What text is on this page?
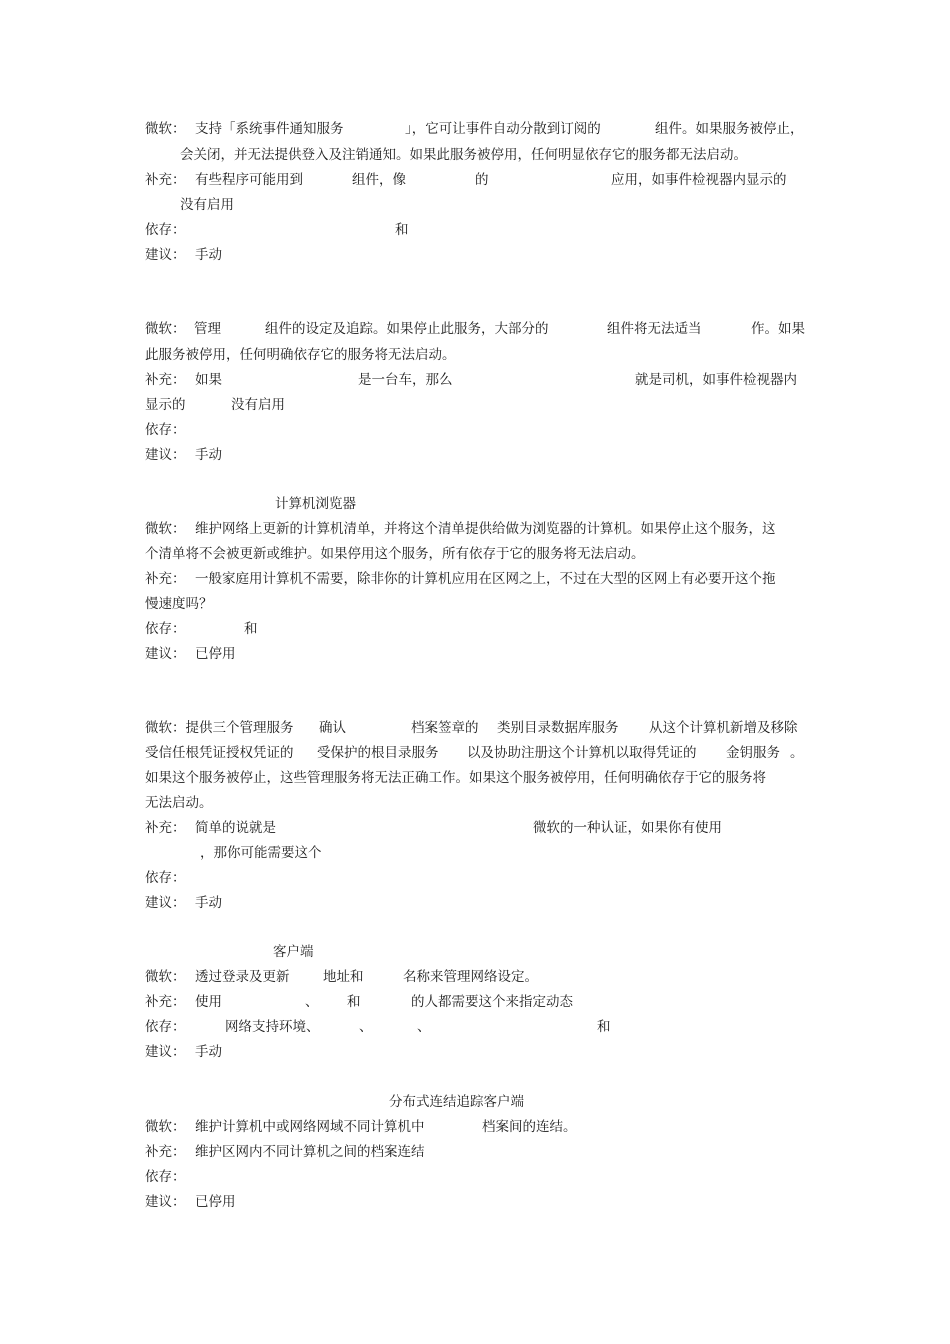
微软： 支持「系统事件通知服务	」，它可让事件自动分散到订阅的	组件。如果服务被停止，

会关闭，并无法提供登入及注销通知。如果此服务被停用，任何明显依存它的服务都无法启动。

补充： 有些程序可能用到	组件，像	的	应用，如事件检视器内显示的

没有启用

依存：	和

建议： 手动

微软： 管理	组件的设定及追踪。如果停止此服务，大部分的	组件将无法适当	作。如果

此服务被停用，任何明确依存它的服务将无法启动。

补充： 如果	是一台车，那么	就是司机，如事件检视器内

显示的	没有启用

依存：

建议： 手动

计算机浏览器

微软： 维护网络上更新的计算机清单，并将这个清单提供给做为浏览器的计算机。如果停止这个服务，这

个清单将不会被更新或维护。如果停用这个服务，所有依存于它的服务将无法启动。

补充： 一般家庭用计算机不需要，除非你的计算机应用在区网之上，不过在大型的区网上有必要开这个拖

慢速度吗？

依存：	和

建议： 已停用

微软：提供三个管理服务 确认	档案签章的 类别目录数据库服务 从这个计算机新增及移除

受信任根凭证授权凭证的 受保护的根目录服务 以及协助注册这个计算机以取得凭证的 金钥服务 。

如果这个服务被停止，这些管理服务将无法正确工作。如果这个服务被停用，任何明确依存于它的服务将

无法启动。

补充： 简单的说就是	微软的一种认证，如果你有使用

，那你可能需要这个

依存：

建议： 手动

客户端

微软： 透过登录及更新 地址和	名称来管理网络设定。

补充： 使用	、 和	的人都需要这个来指定动态

依存：	网络支持环境、	、	、	和

建议： 手动

分布式连结追踪客户端

微软： 维护计算机中或网络网域不同计算机中	档案间的连结。

补充： 维护区网内不同计算机之间的档案连结

依存：

建议： 已停用
